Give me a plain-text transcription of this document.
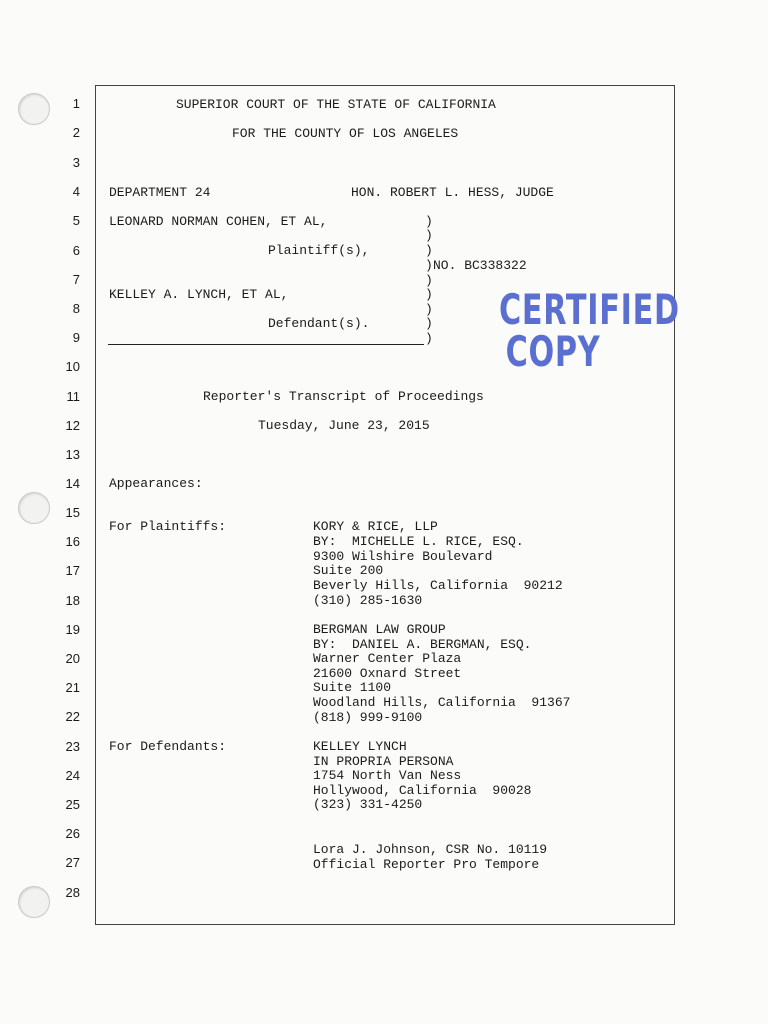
1
2
3
4
5
6
7
8
9
10
11
12
13
14
15
16
17
18
19
20
21
22
23
24
25
26
27
28
SUPERIOR COURT OF THE STATE OF CALIFORNIA
FOR THE COUNTY OF LOS ANGELES
DEPARTMENT 24	HON. ROBERT L. HESS, JUDGE
LEONARD NORMAN COHEN, ET AL,
Plaintiff(s),
KELLEY A. LYNCH, ET AL,
Defendant(s).
)
)
)
)
)
)
)
)
)
NO. BC338322
CERTIFIED
COPY
Reporter's Transcript of Proceedings
Tuesday, June 23, 2015
Appearances:
For Plaintiffs:	KORY & RICE, LLP
BY:  MICHELLE L. RICE, ESQ.
9300 Wilshire Boulevard
Suite 200
Beverly Hills, California  90212
(310) 285-1630
BERGMAN LAW GROUP
BY:  DANIEL A. BERGMAN, ESQ.
Warner Center Plaza
21600 Oxnard Street
Suite 1100
Woodland Hills, California  91367
(818) 999-9100
For Defendants:	KELLEY LYNCH
IN PROPRIA PERSONA
1754 North Van Ness
Hollywood, California  90028
(323) 331-4250
Lora J. Johnson, CSR No. 10119
Official Reporter Pro Tempore
